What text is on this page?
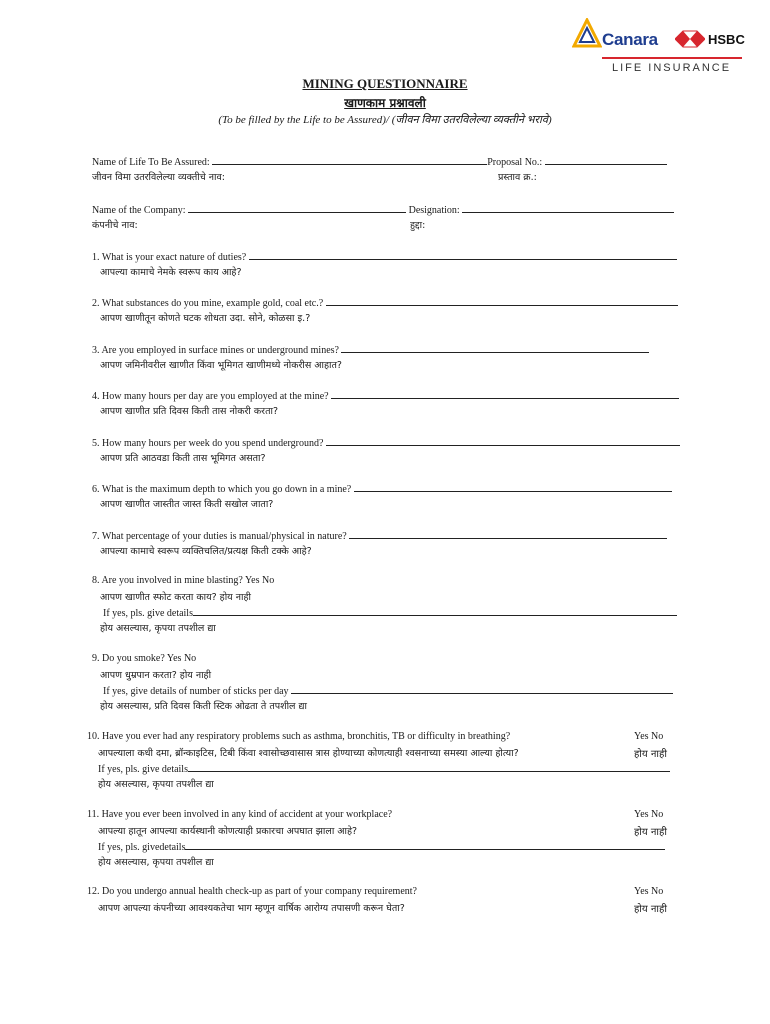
Canara	HSBC
LIFE INSURANCE
MINING QUESTIONNAIRE
खाणकाम प्रश्नावली
(To be filled by the Life to be Assured)/ (जीवन विमा उतरविलेल्या व्यक्तीने भरावे)
Name of Life To Be Assured:	Proposal No.:
जीवन विमा उतरविलेल्या व्यक्तीचे नाव:	प्रस्ताव क्र.:
Name of the Company:	Designation:
कंपनीचे नाव:	हुद्दा:
1. What is your exact nature of duties?
आपल्या कामाचे नेमके स्वरूप काय आहे?
2. What substances do you mine, example gold, coal etc.?
आपण खाणीतून कोणते घटक शोधता उदा. सोने, कोळसा इ.?
3. Are you employed in surface mines or underground mines?
आपण जमिनीवरील खाणीत किंवा भूमिगत खाणीमध्ये नोकरीस आहात?
4. How many hours per day are you employed at the mine?
आपण खाणीत प्रति दिवस किती तास नोकरी करता?
5. How many hours per week do you spend underground?
आपण प्रति आठवडा किती तास भूमिगत असता?
6. What is the maximum depth to which you go down in a mine?
आपण खाणीत जास्तीत जास्त किती सखोल जाता?
7. What percentage of your duties is manual/physical in nature?
आपल्या कामाचे स्वरूप व्यक्तिचलित/प्रत्यक्ष किती टक्के आहे?
8. Are you involved in mine blasting? Yes No
आपण खाणीत स्फोट करता काय? होय नाही
If yes, pls. give details
होय असल्यास, कृपया तपशील द्या
9. Do you smoke? Yes No
आपण धुम्रपान करता? होय नाही
If yes, give details of number of sticks per day
होय असल्यास, प्रति दिवस किती स्टिक ओढता ते तपशील द्या
10. Have you ever had any respiratory problems such as asthma, bronchitis, TB or difficulty in breathing?	Yes No
आपल्याला कधी दमा, ब्रॉन्काइटिस, टिबी किंवा श्वासोच्छवासास त्रास होण्याच्या कोणत्याही श्वसनाच्या समस्या आल्या होत्या?	होय नाही
If yes, pls. give details
होय असल्यास, कृपया तपशील द्या
11. Have you ever been involved in any kind of accident at your workplace?	Yes No
आपल्या हातून आपल्या कार्यस्थानी कोणत्याही प्रकारचा अपघात झाला आहे?	होय नाही
If yes, pls. givedetails
होय असल्यास, कृपया तपशील द्या
12. Do you undergo annual health check-up as part of your company requirement?	Yes No
आपण आपल्या कंपनीच्या आवश्यकतेचा भाग म्हणून वार्षिक आरोग्य तपासणी करून घेता?	होय नाही
